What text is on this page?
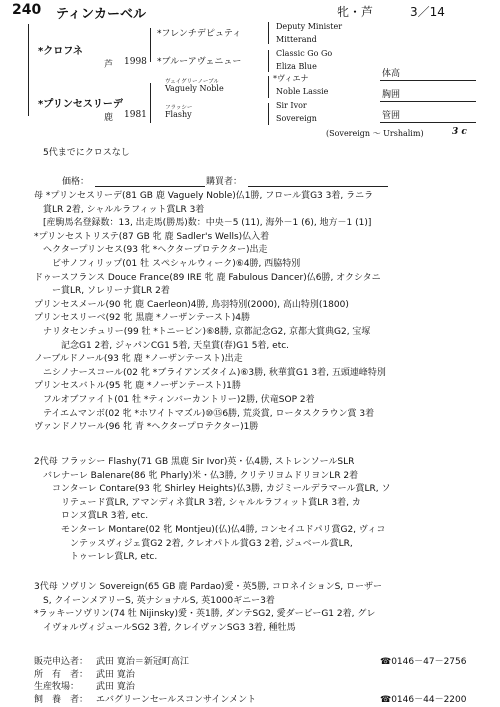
240 ティンカーベル	牝・芦	3／14
*クロフネ
芦 1998
*フレンチデピュティ
*ブルーアヴェニュー
Deputy Minister
Mitterand
Classic Go Go
Eliza Blue
*プリンセスリーデ
鹿 1981
ヴェイグリーノーブル
Vaguely Noble
フラッシー
Flashy
*ヴィエナ
Noble Lassie
Sir Ivor
Sovereign
体高
胸囲
管囲
(Sovereign ～ Urshalim)	3 c
5代までにクロスなし
価格：	購買者：
母 *プリンセスリーデ(81 GB 鹿 Vaguely Noble)仏1勝, フロール賞G3 3着, ラニラ
　賞LR 2着, シャルルラフィット賞LR 3着
　[産駒馬名登録数：13, 出走馬(勝馬)数：中央－5 (11), 海外－1 (6), 地方－1 (1)]
*プリンセストリステ(87 GB 牝 鹿 Sadler's Wells)仏入着
　ヘクタープリンセス(93 牝 *ヘクタープロテクター)出走
　　ビサノフィリップ(01 牡 スペシャルウィーク)⑥4勝, 西脇特別
ドゥースフランス Douce France(89 IRE 牝 鹿 Fabulous Dancer)仏6勝, オクシタニ
　　ー賞LR, ソレリーナ賞LR 2着
プリンセスメール(90 牝 鹿 Caerleon)4勝, 鳥羽特別(2000), 高山特別(1800)
プリンセスリーベ(92 牝 黒鹿 *ノーザンテースト)4勝
　ナリタセンチュリー(99 牡 *トニービン)⑥8勝, 京都記念G2, 京都大賞典G2, 宝塚
　　　記念G1 2着, ジャパンCG1 5着, 天皇賞(春)G1 5着, etc.
ノーブルドノール(93 牝 鹿 *ノーザンテースト)出走
　ニシノナースコール(02 牝 *ブライアンズタイム)⑥3勝, 秋華賞G1 3着, 五頭連峰特別
プリンセスバトル(95 牝 鹿 *ノーザンテースト)1勝
　フルオブファイト(01 牡 *ティンバーカントリー)2勝, 伏竜SOP 2着
　テイエムマンボ(02 牝 *ホワイトマズル)⑩⑮6勝, 荒炎賞, ロータスクラウン賞 3着
ヴァンドノワール(96 牝 青 *ヘクタープロテクター)1勝
2代母 フラッシー Flashy(71 GB 黒鹿 Sir Ivor)英・仏4勝, ストレンソールSLR
　バレナーレ Balenare(86 牝 Pharly)米・仏3勝, クリテリヨムドリヨンLR 2着
　　コンターレ Contare(93 牝 Shirley Heights)仏3勝, カジミールデラマール賞LR, ソ
　　　リテュード賞LR, アマンディネ賞LR 3着, シャルルラフィット賞LR 3着, カ
　　　ロンヌ賞LR 3着, etc.
　　　モンターレ Montare(02 牝 Montjeu)(仏)仏4勝, コンセイユドパリ賞G2, ヴィコ
　　　　ンテッスヴィジェ賞G2 2着, クレオパトル賞G3 2着, ジュベール賞LR,
　　　　トゥーレレ賞LR, etc.
3代母 ソヴリン Sovereign(65 GB 鹿 Pardao)愛・英5勝, コロネイションS, ローザー
　S, クイーンメアリーS, 英ナショナルS, 英1000ギニー3着
*ラッキーソヴリン(74 牡 Nijinsky)愛・英1勝, ダンテSG2, 愛ダービーG1 2着, グレ
　イヴォルヴィジュールSG2 3着, クレイヴァンSG3 3着, 種牡馬
販売申込者： 武田 寛治＝新冠町高江	☎0146－47－2756
所　有　者： 武田 寛治
生産牧場： 武田 寛治
飼　養　者： エバグリーンセールスコンサインメント	☎0146－44－2200
